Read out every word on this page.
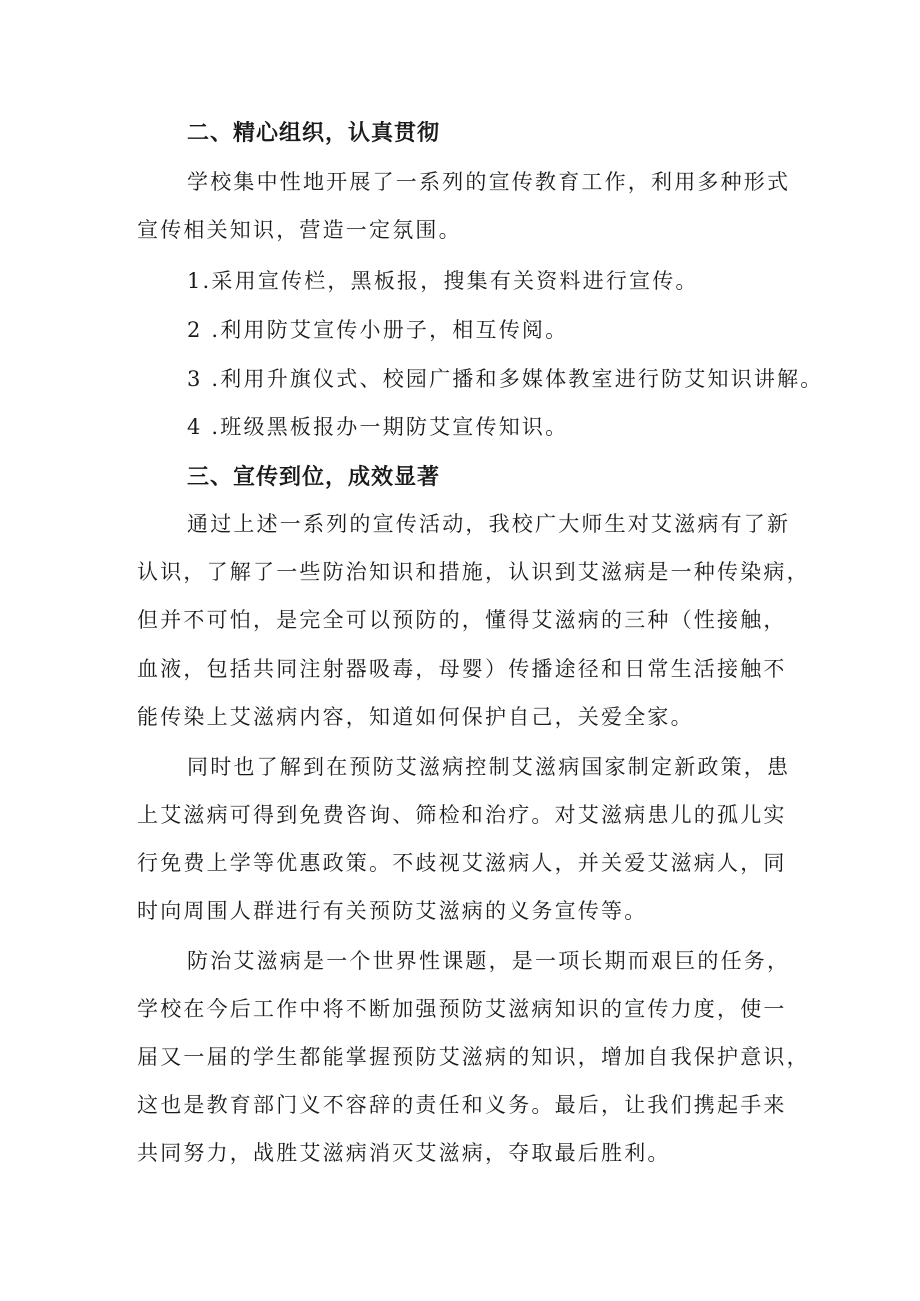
二、精心组织，认真贯彻

学校集中性地开展了一系列的宣传教育工作，利用多种形式

宣传相关知识，营造一定氛围。

1.采用宣传栏，黑板报，搜集有关资料进行宣传。

2 .利用防艾宣传小册子，相互传阅。

3 .利用升旗仪式、校园广播和多媒体教室进行防艾知识讲解。

4 .班级黑板报办一期防艾宣传知识。

三、宣传到位，成效显著

通过上述一系列的宣传活动，我校广大师生对艾滋病有了新

认识，了解了一些防治知识和措施，认识到艾滋病是一种传染病，

但并不可怕，是完全可以预防的，懂得艾滋病的三种（性接触，

血液，包括共同注射器吸毒，母婴）传播途径和日常生活接触不

能传染上艾滋病内容，知道如何保护自己，关爱全家。

同时也了解到在预防艾滋病控制艾滋病国家制定新政策，患

上艾滋病可得到免费咨询、筛检和治疗。对艾滋病患儿的孤儿实

行免费上学等优惠政策。不歧视艾滋病人，并关爱艾滋病人，同

时向周围人群进行有关预防艾滋病的义务宣传等。

防治艾滋病是一个世界性课题，是一项长期而艰巨的任务，

学校在今后工作中将不断加强预防艾滋病知识的宣传力度，使一

届又一届的学生都能掌握预防艾滋病的知识，增加自我保护意识，

这也是教育部门义不容辞的责任和义务。最后，让我们携起手来

共同努力，战胜艾滋病消灭艾滋病，夺取最后胜利。
